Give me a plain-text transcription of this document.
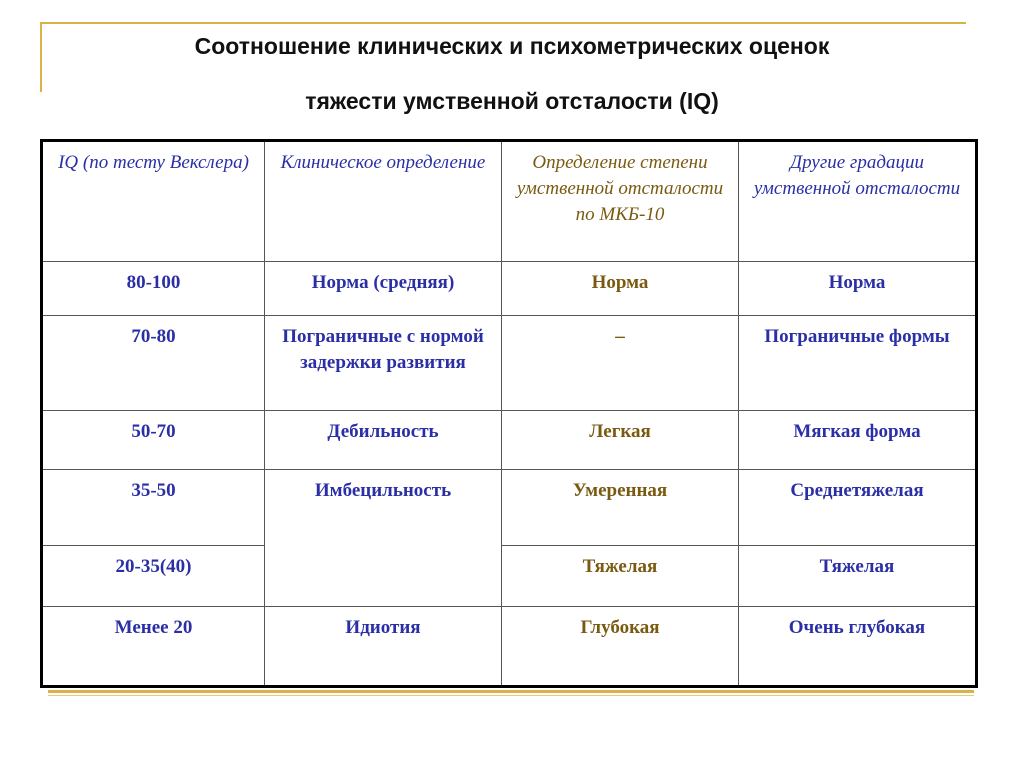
Соотношение клинических и психометрических оценок
тяжести умственной отсталости (IQ)
IQ (по тесту Векслера)	Клиническое определение	Определение степени умственной отсталости по МКБ-10	Другие градации умственной отсталости
80-100	Норма (средняя)	Норма	Норма
70-80	Пограничные с нормой задержки развития	–	Пограничные формы
50-70	Дебильность	Легкая	Мягкая форма
35-50	Имбецильность	Умеренная	Среднетяжелая
20-35(40)		Тяжелая	Тяжелая
Менее 20	Идиотия	Глубокая	Очень глубокая
